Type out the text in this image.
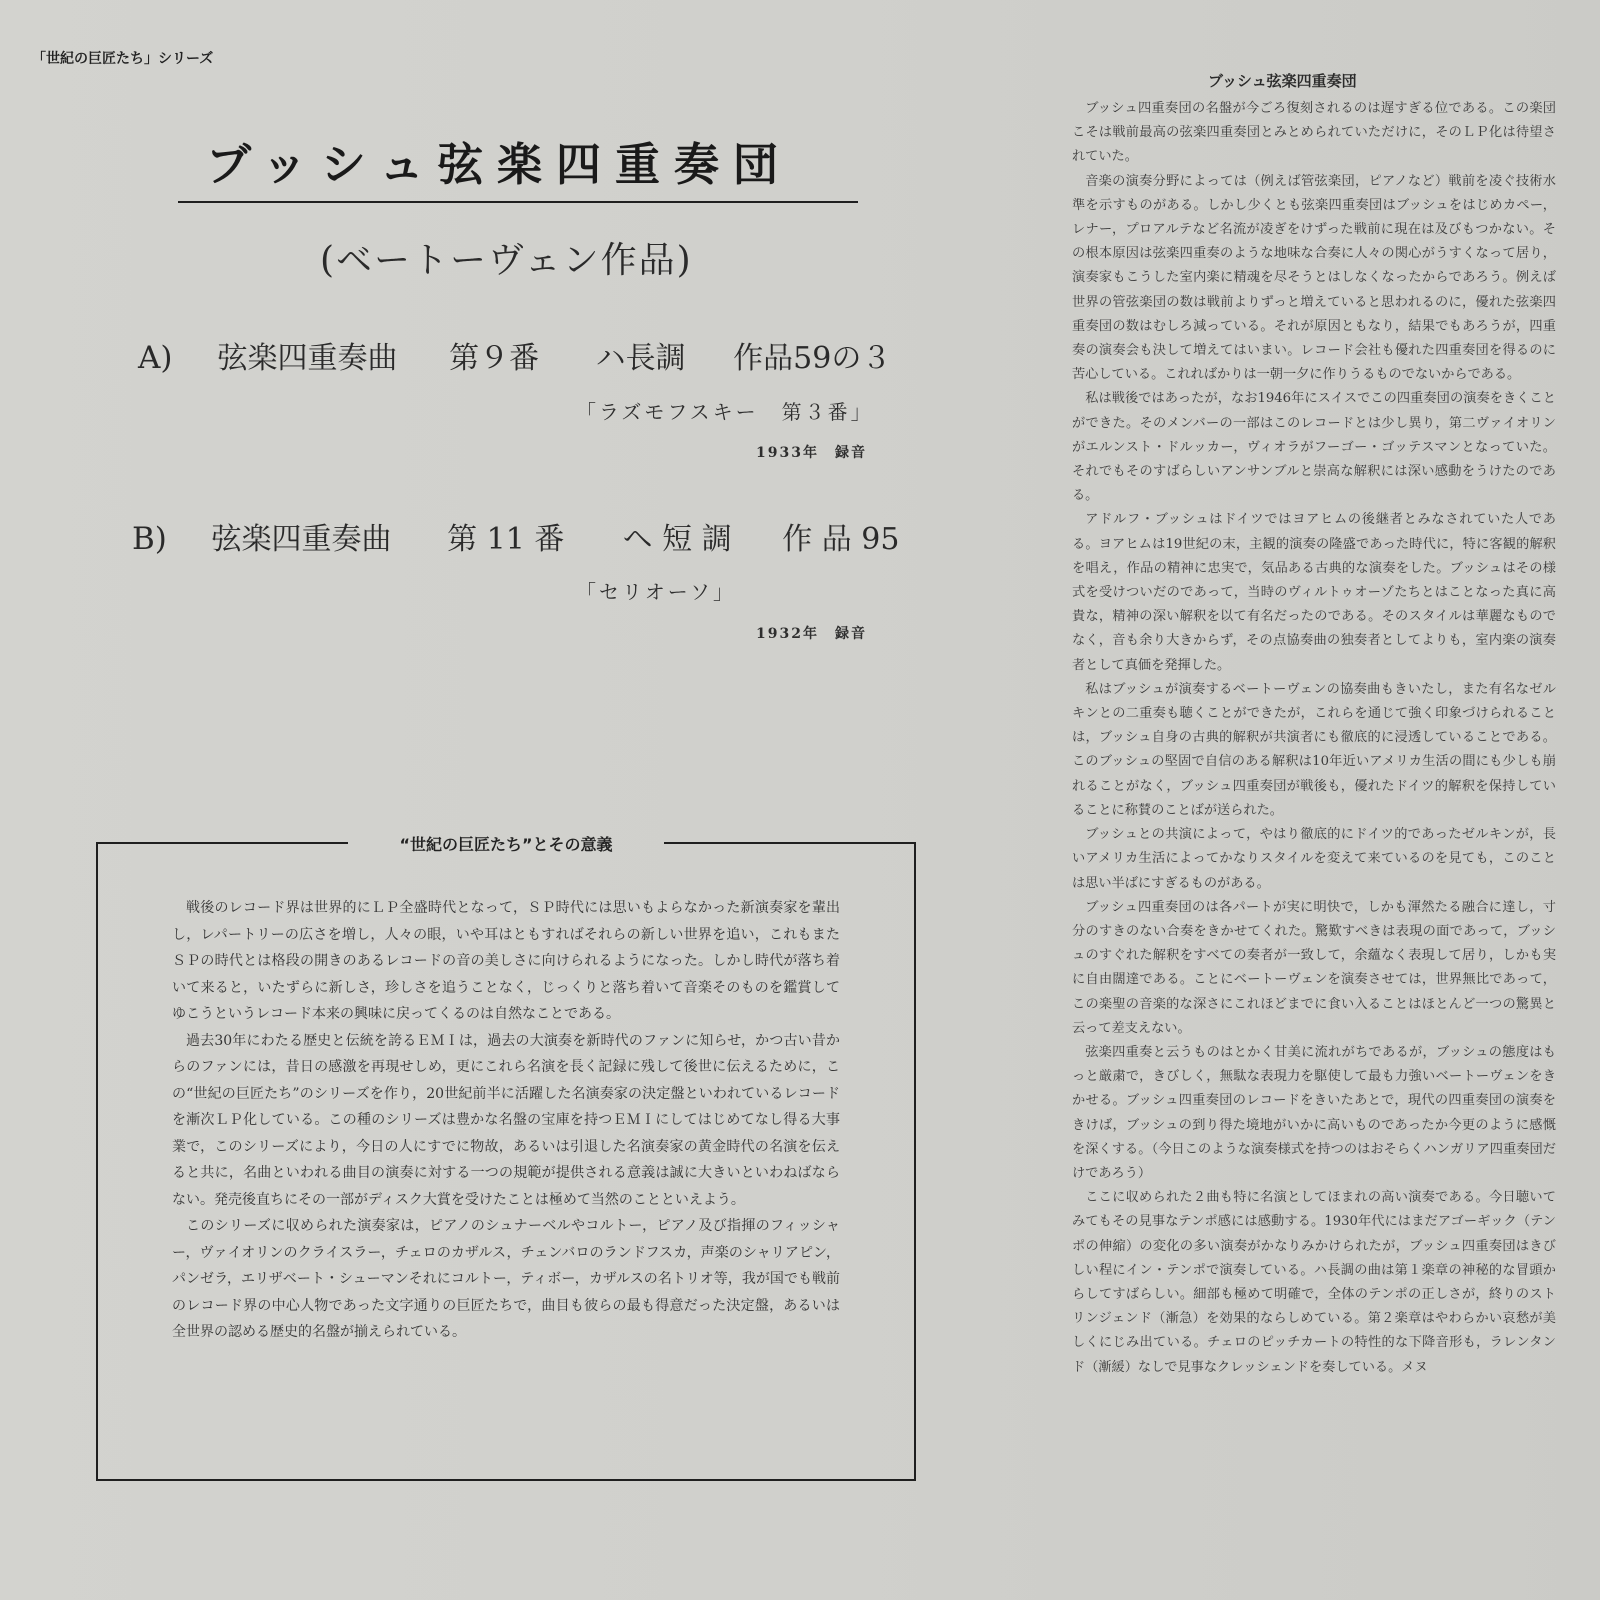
「世紀の巨匠たち」シリーズ
ブッシュ弦楽四重奏団
(ベートーヴェン作品)
A) 弦楽四重奏曲 第９番 ハ長調 作品59の３
「ラズモフスキー　第３番」
1933年　録音
B) 弦楽四重奏曲 第 11 番 ヘ 短 調 作 品 95
「セリオーソ」
1932年　録音
“世紀の巨匠たち”とその意義

戦後のレコード界は世界的にＬＰ全盛時代となって，ＳＰ時代には思いもよらなかった新演奏家を輩出し，レパートリーの広さを増し，人々の眼，いや耳はともすればそれらの新しい世界を追い，これもまたＳＰの時代とは格段の開きのあるレコードの音の美しさに向けられるようになった。しかし時代が落ち着いて来ると，いたずらに新しさ，珍しさを追うことなく，じっくりと落ち着いて音楽そのものを鑑賞してゆこうというレコード本来の興味に戻ってくるのは自然なことである。

過去30年にわたる歴史と伝統を誇るＥＭＩは，過去の大演奏を新時代のファンに知らせ，かつ古い昔からのファンには，昔日の感激を再現せしめ，更にこれら名演を長く記録に残して後世に伝えるために，この“世紀の巨匠たち”のシリーズを作り，20世紀前半に活躍した名演奏家の決定盤といわれているレコードを漸次ＬＰ化している。この種のシリーズは豊かな名盤の宝庫を持つＥＭＩにしてはじめてなし得る大事業で，このシリーズにより，今日の人にすでに物故，あるいは引退した名演奏家の黄金時代の名演を伝えると共に，名曲といわれる曲目の演奏に対する一つの規範が提供される意義は誠に大きいといわねばならない。発売後直ちにその一部がディスク大賞を受けたことは極めて当然のことといえよう。

このシリーズに収められた演奏家は，ピアノのシュナーベルやコルトー，ピアノ及び指揮のフィッシャー，ヴァイオリンのクライスラー，チェロのカザルス，チェンバロのランドフスカ，声楽のシャリアピン，パンゼラ，エリザベート・シューマンそれにコルトー，ティボー，カザルスの名トリオ等，我が国でも戦前のレコード界の中心人物であった文字通りの巨匠たちで，曲目も彼らの最も得意だった決定盤，あるいは全世界の認める歴史的名盤が揃えられている。

ブッシュ弦楽四重奏団

ブッシュ四重奏団の名盤が今ごろ復刻されるのは遅すぎる位である。この楽団こそは戦前最高の弦楽四重奏団とみとめられていただけに，そのＬＰ化は待望されていた。

音楽の演奏分野によっては（例えば管弦楽団，ピアノなど）戦前を凌ぐ技術水準を示すものがある。しかし少くとも弦楽四重奏団はブッシュをはじめカペー，レナー，プロアルテなど名流が凌ぎをけずった戦前に現在は及びもつかない。その根本原因は弦楽四重奏のような地味な合奏に人々の関心がうすくなって居り，演奏家もこうした室内楽に精魂を尽そうとはしなくなったからであろう。例えば世界の管弦楽団の数は戦前よりずっと増えていると思われるのに，優れた弦楽四重奏団の数はむしろ減っている。それが原因ともなり，結果でもあろうが，四重奏の演奏会も決して増えてはいまい。レコード会社も優れた四重奏団を得るのに苦心している。これればかりは一朝一夕に作りうるものでないからである。

私は戦後ではあったが，なお1946年にスイスでこの四重奏団の演奏をきくことができた。そのメンバーの一部はこのレコードとは少し異り，第二ヴァイオリンがエルンスト・ドルッカー，ヴィオラがフーゴー・ゴッテスマンとなっていた。それでもそのすばらしいアンサンブルと崇高な解釈には深い感動をうけたのである。

アドルフ・ブッシュはドイツではヨアヒムの後継者とみなされていた人である。ヨアヒムは19世紀の末，主観的演奏の隆盛であった時代に，特に客観的解釈を唱え，作品の精神に忠実で，気品ある古典的な演奏をした。ブッシュはその様式を受けついだのであって，当時のヴィルトゥオーゾたちとはことなった真に高貴な，精神の深い解釈を以て有名だったのである。そのスタイルは華麗なものでなく，音も余り大きからず，その点協奏曲の独奏者としてよりも，室内楽の演奏者として真価を発揮した。

私はブッシュが演奏するベートーヴェンの協奏曲もきいたし，また有名なゼルキンとの二重奏も聴くことができたが，これらを通じて強く印象づけられることは，ブッシュ自身の古典的解釈が共演者にも徹底的に浸透していることである。このブッシュの堅固で自信のある解釈は10年近いアメリカ生活の間にも少しも崩れることがなく，ブッシュ四重奏団が戦後も，優れたドイツ的解釈を保持していることに称賛のことばが送られた。

ブッシュとの共演によって，やはり徹底的にドイツ的であったゼルキンが，長いアメリカ生活によってかなりスタイルを変えて来ているのを見ても，このことは思い半ばにすぎるものがある。

ブッシュ四重奏団のは各パートが実に明快で，しかも渾然たる融合に達し，寸分のすきのない合奏をきかせてくれた。驚歎すべきは表現の面であって，ブッシュのすぐれた解釈をすべての奏者が一致して，余蘊なく表現して居り，しかも実に自由闊達である。ことにベートーヴェンを演奏させては，世界無比であって，この楽聖の音楽的な深さにこれほどまでに食い入ることはほとんど一つの驚異と云って差支えない。

弦楽四重奏と云うものはとかく甘美に流れがちであるが，ブッシュの態度はもっと厳粛で，きびしく，無駄な表現力を駆使して最も力強いベートーヴェンをきかせる。ブッシュ四重奏団のレコードをきいたあとで，現代の四重奏団の演奏をきけば，ブッシュの到り得た境地がいかに高いものであったか今更のように感慨を深くする。（今日このような演奏様式を持つのはおそらくハンガリア四重奏団だけであろう）

ここに収められた２曲も特に名演としてほまれの高い演奏である。今日聴いてみてもその見事なテンポ感には感動する。1930年代にはまだアゴーギック（テンポの伸縮）の変化の多い演奏がかなりみかけられたが，ブッシュ四重奏団はきびしい程にイン・テンポで演奏している。ハ長調の曲は第１楽章の神秘的な冒頭からしてすばらしい。細部も極めて明確で，全体のテンポの正しさが，終りのストリンジェンド（漸急）を効果的ならしめている。第２楽章はやわらかい哀愁が美しくにじみ出ている。チェロのピッチカートの特性的な下降音形も，ラレンタンド（漸緩）なしで見事なクレッシェンドを奏している。メヌ
